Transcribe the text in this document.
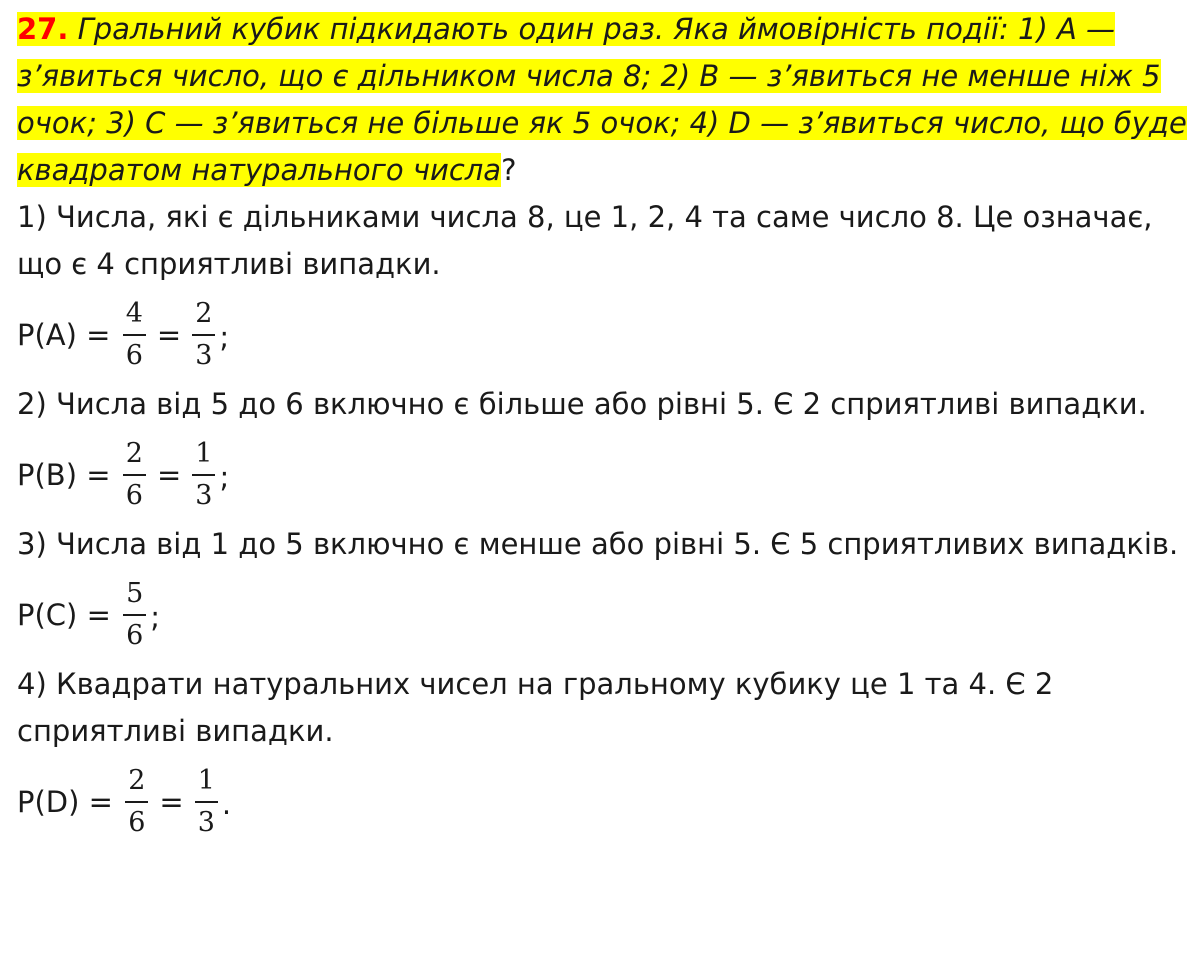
27. Гральний кубик підкидають один раз. Яка ймовірність події: 1) A — з’явиться число, що є дільником числа 8; 2) B — з’явиться не менше ніж 5 очок; 3) C — з’явиться не більше як 5 очок; 4) D — з’явиться число, що буде квадратом натурального числа?
1) Числа, які є дільниками числа 8, це 1, 2, 4 та саме число 8. Це означає, що є 4 сприятливі випадки.
$P(A) = \frac{4}{6} = \frac{2}{3}$ ;
2) Числа від 5 до 6 включно є більше або рівні 5. Є 2 сприятливі випадки.
$P(B) = \frac{2}{6} = \frac{1}{3}$ ;
3) Числа від 1 до 5 включно є менше або рівні 5. Є 5 сприятливих випадків.
$P(C) = \frac{5}{6}$ ;
4) Квадрати натуральних чисел на гральному кубику це 1 та 4. Є 2 сприятливі випадки.
$P(D) = \frac{2}{6} = \frac{1}{3}$ .
